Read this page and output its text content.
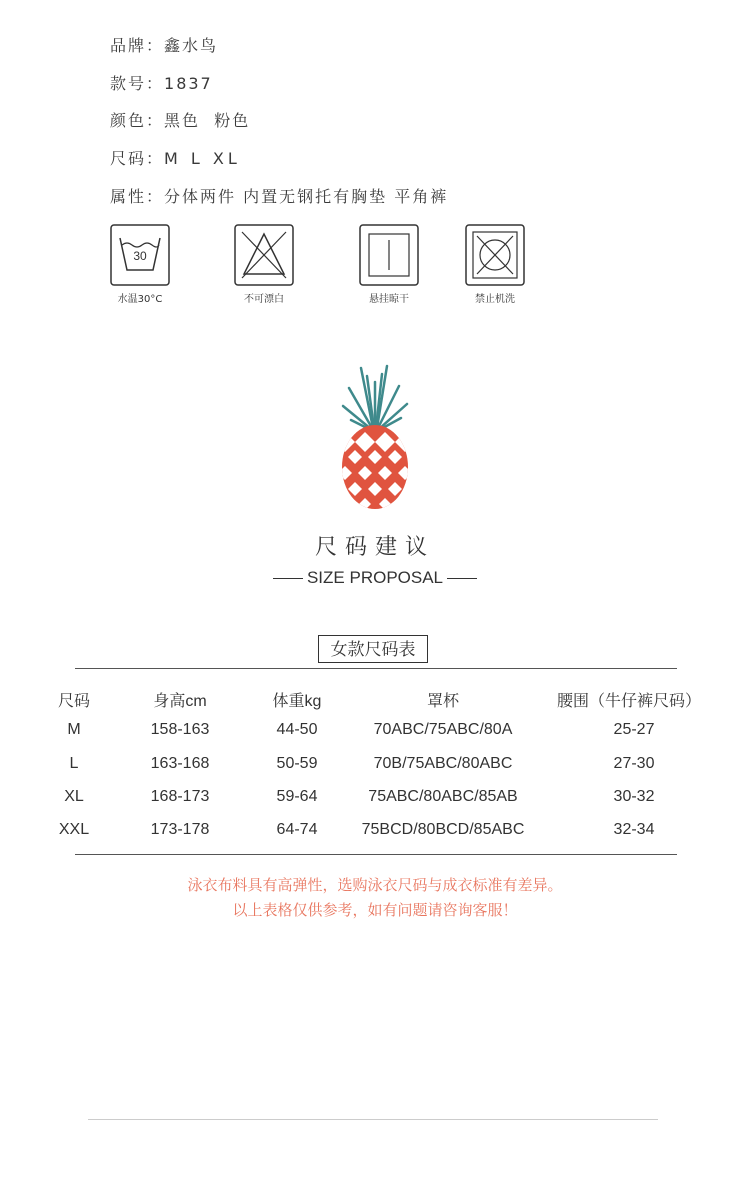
品牌：鑫水鸟
款号：1837
颜色：黑色  粉色
尺码：M L XL
属性：分体两件 内置无钢托有胸垫 平角裤
30
水温30°C	不可漂白	悬挂晾干	禁止机洗
尺码建议
SIZE PROPOSAL
女款尺码表
尺码	身高cm	体重kg	罩杯	腰围（牛仔裤尺码）
M	158-163	44-50	70ABC/75ABC/80A	25-27
L	163-168	50-59	70B/75ABC/80ABC	27-30
XL	168-173	59-64	75ABC/80ABC/85AB	30-32
XXL	173-178	64-74	75BCD/80BCD/85ABC	32-34
泳衣布料具有高弹性，选购泳衣尺码与成衣标准有差异。
以上表格仅供参考，如有问题请咨询客服！
